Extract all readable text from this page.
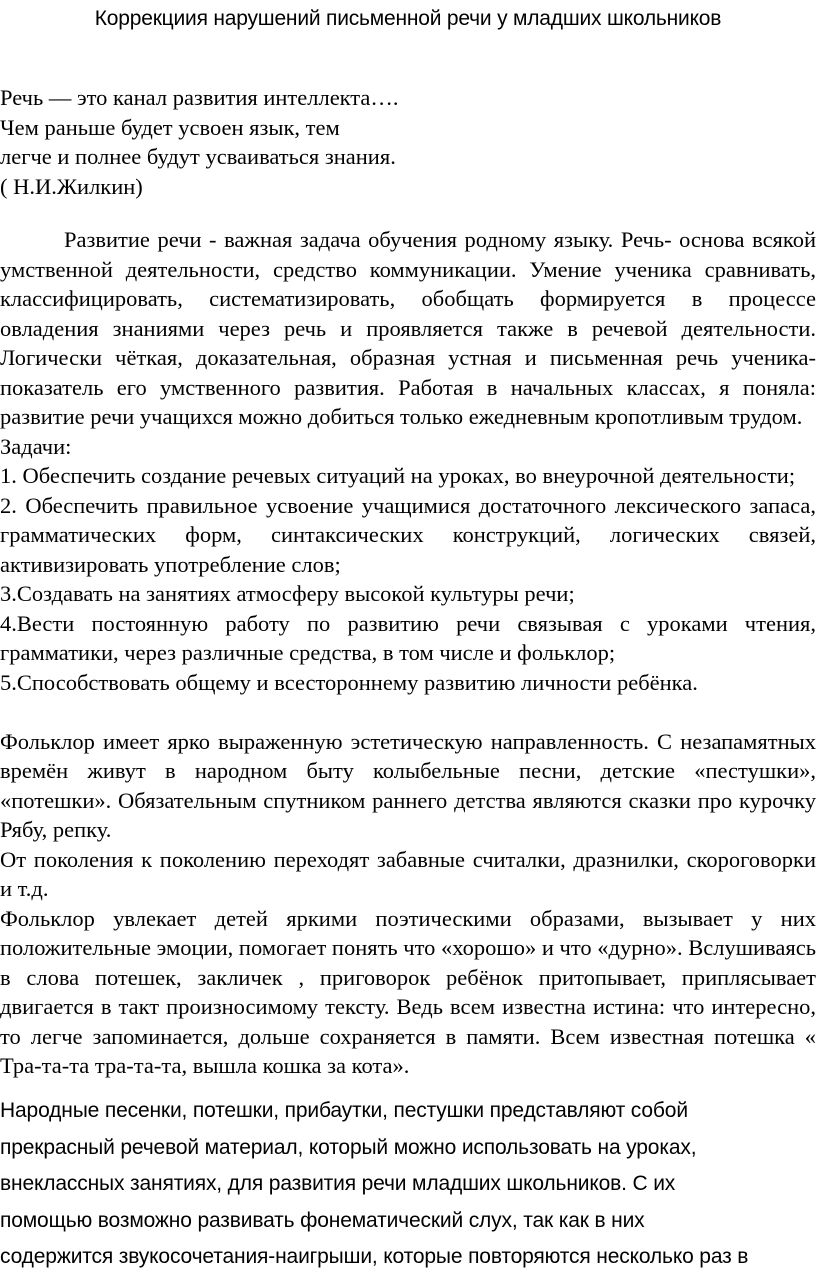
Коррекциия нарушений письменной речи у младших школьников
Речь — это канал развития интеллекта….
Чем раньше будет усвоен язык, тем
легче и полнее будут усваиваться знания.
( Н.И.Жилкин)

Развитие речи - важная задача обучения родному языку. Речь- основа всякой умственной деятельности, средство коммуникации. Умение ученика сравнивать, классифицировать, систематизировать, обобщать формируется в процессе овладения знаниями через речь и проявляется также в речевой деятельности. Логически чёткая, доказательная, образная устная и письменная речь ученика- показатель его умственного развития. Работая в начальных классах, я поняла: развитие речи учащихся можно добиться только ежедневным кропотливым трудом.

Задачи:

1. Обеспечить создание речевых ситуаций на уроках, во внеурочной деятельности;

2. Обеспечить правильное усвоение учащимися достаточного лексического запаса, грамматических форм, синтаксических конструкций, логических связей, активизировать употребление слов;

3.Создавать на занятиях атмосферу высокой культуры речи;

4.Вести постоянную работу по развитию речи связывая с уроками чтения, грамматики, через различные средства, в том числе и фольклор;

5.Способствовать общему и всестороннему развитию личности ребёнка.

Фольклор имеет ярко выраженную эстетическую направленность. С незапамятных времён живут в народном быту колыбельные песни, детские «пестушки», «потешки». Обязательным спутником раннего детства являются сказки про курочку Рябу, репку.

От поколения к поколению переходят забавные считалки, дразнилки, скороговорки и т.д.

Фольклор увлекает детей яркими поэтическими образами, вызывает у них положительные эмоции, помогает понять что «хорошо» и что «дурно». Вслушиваясь в слова потешек, закличек , приговорок ребёнок притопывает, приплясывает двигается в такт произносимому тексту. Ведь всем известна истина: что интересно, то легче запоминается, дольше сохраняется в памяти. Всем известная потешка « Тра-та-та тра-та-та, вышла кошка за кота».

Народные песенки, потешки, прибаутки, пестушки представляют собой
прекрасный речевой материал, который можно использовать на уроках,
внеклассных занятиях, для развития речи младших школьников. С их
помощью возможно развивать фонематический слух, так как в них
содержится звукосочетания-наигрыши, которые повторяются несколько раз в
